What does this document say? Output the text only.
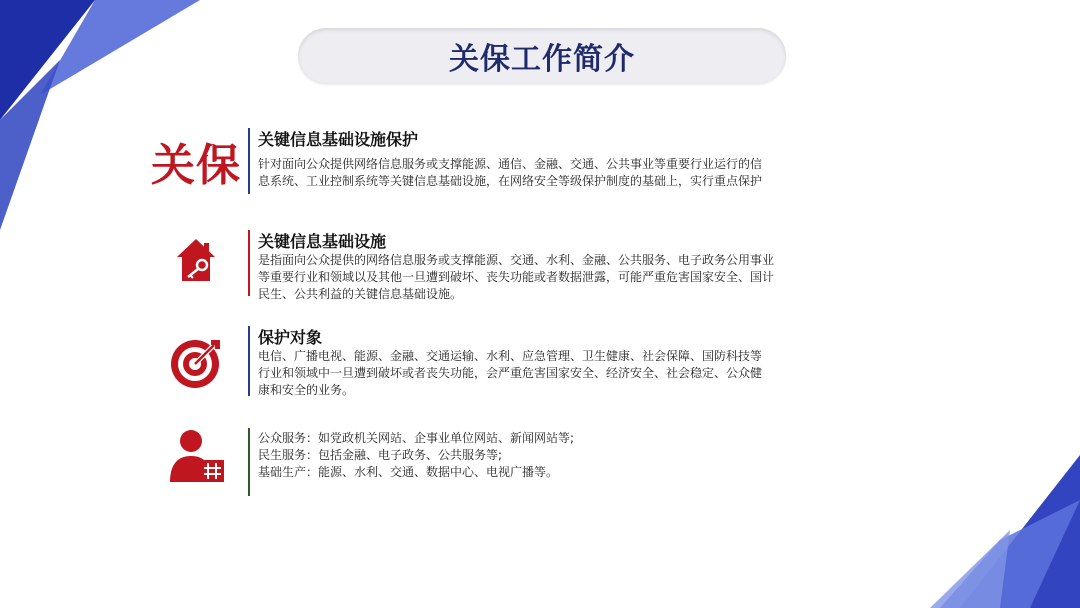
关保工作简介
关保
关键信息基础设施保护
针对面向公众提供网络信息服务或支撑能源、通信、金融、交通、公共事业等重要行业运行的信
息系统、工业控制系统等关键信息基础设施，在网络安全等级保护制度的基础上，实行重点保护
关键信息基础设施
是指面向公众提供的网络信息服务或支撑能源、交通、水利、金融、公共服务、电子政务公用事业
等重要行业和领域以及其他一旦遭到破坏、丧失功能或者数据泄露，可能严重危害国家安全、国计
民生、公共利益的关键信息基础设施。
保护对象
电信、广播电视、能源、金融、交通运输、水利、应急管理、卫生健康、社会保障、国防科技等
行业和领域中一旦遭到破坏或者丧失功能，会严重危害国家安全、经济安全、社会稳定、公众健
康和安全的业务。
公众服务：如党政机关网站、企事业单位网站、新闻网站等;
民生服务：包括金融、电子政务、公共服务等;
基础生产：能源、水利、交通、数据中心、电视广播等。
